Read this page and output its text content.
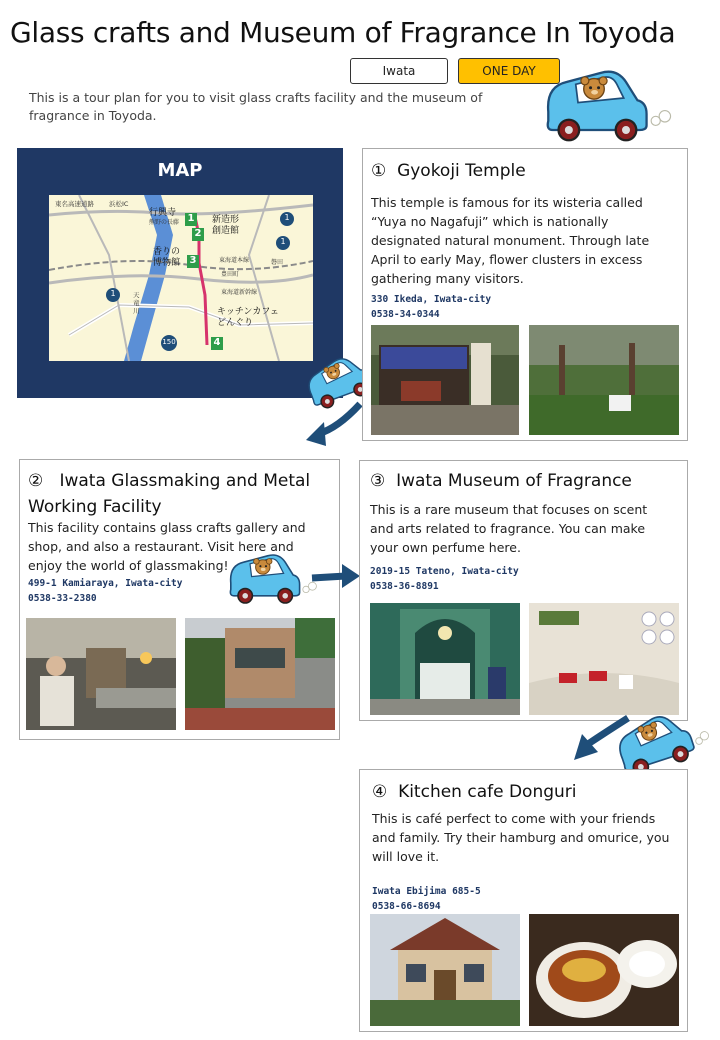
Glass crafts and Museum of Fragrance In Toyoda
Iwata	ONE DAY
This is a tour plan for you to visit glass crafts facility and the museum of fragrance in Toyoda.
MAP
1
2
3
4
東名高速道路 浜松IC
行興寺
熊野の長藤	新造形
創造館
香りの
博物館	東海道本線	磐田
豊田町
東海道新幹線
天竜川	キッチンカフェ
どんぐり
1
1
1
150
① Gyokoji Temple
This temple is famous for its wisteria called “Yuya no Nagafuji” which is nationally designated natural monument. Through late April to early May, flower clusters in excess gathering many visitors.
330 Ikeda, Iwata-city
0538-34-0344
② Iwata Glassmaking and Metal Working Facility
This facility contains glass crafts gallery and shop, and also a restaurant. Visit here and enjoy the world of glassmaking!
499-1 Kamiaraya, Iwata-city
0538-33-2380
③ Iwata Museum of Fragrance
This is a rare museum that focuses on scent and arts related to fragrance. You can make your own perfume here.
2019-15 Tateno, Iwata-city
0538-36-8891
④ Kitchen cafe Donguri
This is café perfect to come with your friends and family. Try their hamburg and omurice, you will love it.
Iwata Ebijima 685-5
0538-66-8694
